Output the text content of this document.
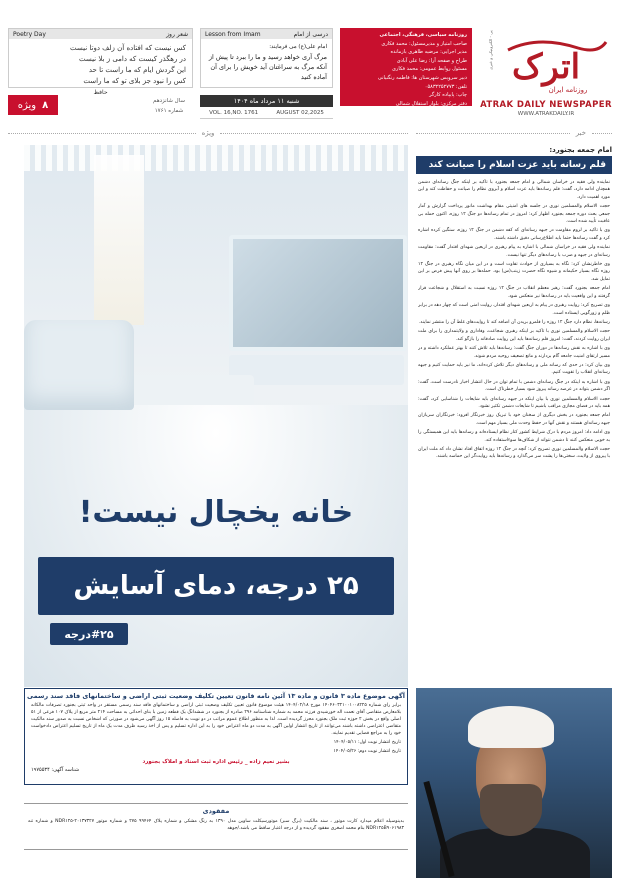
Poetry Day	شعر روز
کس نیست که افتاده آن زلف دوتا نیست
در رهگذر کیست که دامی ز بلا نیست
این گردش ایام که ما راست تا حد
کس را نبود جز بلای تو که ما راست
حافظ
Lesson from Imam	درسی از امام
امام علی(ع) می فرمایند:
مرگ آری خواهد رسید و ما را ببرد تا پیش از آنکه مرگ به سراغتان آید خویش را برای آن آماده کنید
روزنامه سیاسی، فرهنگی، اجتماعی
صاحب امتیاز و مدیرمسئول: محمد فکاری
مدیر اجرایی: مرضیه طاهری بازمانده
طراح و صفحه آرا: رضا علی آبادی
مسئول روابط عمومی: محمد فکاری
دبیر سرویس شهرستان ها: فاطمه رنگنیانی
تلفن: ۰۵۸۳۲۲۵۲۷۷۳
چاپ: پایپاده کارگر
دفتر مرکزی: بلوار استقلال شمالی
نبش چهارراه ارشاد، ساختمان نیکان طبقه چهارم
اترک
روزنامه ایران
چاپی - الکترونیکی و خبری
ATRAK DAILY NEWSPAPER
WWW.ATRAKDAILY.IR
ویژه ۸	سال شانزدهم
شماره ۱۷۶۱
شنبه ۱۱ مرداد ماه ۱۴۰۴
VOL. 16,NO. 1761	AUGUST 02,2025
ویژه	خبر
خانه یخچال نیست!
۲۵ درجه، دمای آسایش
#۲۵درجه
امام جمعه بجنورد:
قلم رسانه باید عزت اسلام را صیانت کند

نماینده ولی فقیه در خراسان شمالی و امام جمعه بجنورد با تاکید بر اینکه جنگ رسانه‌ای دشمن همچنان ادامه دارد، گفت: قلم رسانه‌ها باید عزت اسلام و آبروی نظام را صیانت و حفاظت کند و این مورد اهمیت دارد.

حجت الاسلام والمسلمین نوری در جلسه های امنیتی مقام بهداشت مانور پرداخت گزارش و آمار جمعی بحث دوره جمعه بجنورد اظهار کرد: امروز در تمام رسانه‌ها دو جنگ ۱۲ روزه، اکنون حمله بی عاقبت تأیید شده است.

وی با تاکید بر لزوم مقاومت در جبهه رسانه‌ای که کفه دشمن در جنگ ۱۲ روزه، سنگین کرده اشاره کرد و گفت رسانه‌ها حتما باید اطلاع‌رسانی دقیق داشته باشند.

نماینده ولی فقیه در خراسان شمالی با اشاره به پیام رهبری در اربعین شهدای اقتدار گفت: مقاومت رسانه‌ای در جبهه و ضرب با رسانه‌های دیگر تنها نیست.

وی خاطرنشان کرد: نگاه به بسیاری از حوادث تفاوت است و در این میان نگاه رهبری در جنگ ۱۲ روزه نگاه بسیار حکیمانه و شیوه نگاه حضرت زینب(س) بود. حمله‌ها بر روی آنها پیش فرض بر این تمایل شد.

امام جمعه بجنورد گفت: رهبر معظم انقلاب در جنگ ۱۲ روزه نسبت به استقلال و شجاعت قرار گرفتند و این واقعیت باید در رسانه‌ها نیز منعکس شود.

وی تصریح کرد: روایت رهبری در پیام به اربعین شهدای اقتدار، روایت امنی است که چهار دهه در برابر ظلم و زورگویی ایستاده است.

رسانه‌ها، نظام دارد جنگ ۱۲ روزه را قلمرو بریدن آن اضافه کند تا روایت‌های غلط آن را منتشر نمایند.

حجت الاسلام والمسلمین نوری با تاکید بر اینکه رهبری شجاعت، وفاداری و ولایتمداری را برای ملت ایران روایت کردند، گفت: امروز قلم رسانه‌ها باید این روایت صادقانه را بازگو کند.

وی با اشاره به نقش رسانه‌ها در دوران جنگ گفت: رسانه‌ها باید تلاش کنند تا بهتر عملکرد داشته و در مسیر ارتقای امنیت جامعه گام بردارند و مانع تضعیف روحیه مردم شوند.

وی بیان کرد: در حدی که رسانه ملی و رسانه‌های دیگر تلاش کرده‌اند، ما نیز باید حمایت کنیم و جبهه رسانه‌ای انقلاب را تقویت کنیم.

وی با اشاره به اینکه در جنگ رسانه‌ای دشمن با تمام توان در حال انتشار اخبار نادرست است، گفت: اگر دشمن بتواند در عرصه رسانه پیروز شود بسیار خطرناک است.

حجت الاسلام والمسلمین نوری با بیان اینکه در جبهه رسانه‌ای باید شایعات را شناسایی کرد، گفت: همه باید در فضای مجازی مراقب باشیم تا شایعات دشمن تکثیر نشود.

امام جمعه بجنورد در بخش دیگری از سخنان خود با تبریک روز خبرنگار افزود: خبرنگاران سربازان جبهه رسانه‌ای هستند و نقش آنها در حفظ وحدت ملی بسیار مهم است.

وی ادامه داد: امروز مردم با درک شرایط کشور کنار نظام ایستاده‌اند و رسانه‌ها باید این همبستگی را به خوبی منعکس کنند تا دشمن نتواند از شکاف‌ها سوءاستفاده کند.

حجت الاسلام والمسلمین نوری تصریح کرد: آنچه در جنگ ۱۲ روزه اتفاق افتاد نشان داد که ملت ایران با پیروی از ولایت، سختی‌ها را پشت سر می‌گذارد و رسانه‌ها باید روایت‌گر این حماسه باشند.

آگهی موضوع ماده ۳ قانون و ماده ۱۳ آئین نامه قانون تعیین تکلیف وضعیت ثبتی اراضی و ساختمانهای فاقد سند رسمی
برابر رای شماره ۱۴۰۴۶۰۳۲۱۰۰۱۰۰۸۲۲۵ مورخ ۱۴۰۴/۰۲/۱۸ هیئت موضوع قانون تعیین تکلیف وضعیت ثبتی اراضی و ساختمانهای فاقد سند رسمی مستقر در واحد ثبتی بجنورد تصرفات مالکانه بلامعارض متقاضی آقای نعمت اله خورشیدی فرزند محمد به شماره شناسنامه ۲۹۶ صادره از بجنورد در ششدانگ یک قطعه زمین با بنای احداثی به مساحت ۲۱۴ متر مربع از پلاک ۱۰۷ فرعی از ۵۱ اصلی واقع در بخش ۲ حوزه ثبت ملک بجنورد محرز گردیده است. لذا به منظور اطلاع عموم مراتب در دو نوبت به فاصله ۱۵ روز آگهی می‌شود در صورتی که اشخاص نسبت به صدور سند مالکیت متقاضی اعتراضی داشته باشند می‌توانند از تاریخ انتشار اولین آگهی به مدت دو ماه اعتراض خود را به این اداره تسلیم و پس از اخذ رسید ظرف مدت یک ماه از تاریخ تسلیم اعتراض دادخواست خود را به مراجع قضایی تقدیم نمایند.
تاریخ انتشار نوبت اول: ۱۴۰۴/۰۵/۱۱
تاریخ انتشار نوبت دوم: ۱۴۰۴/۰۵/۲۶
بشیر نعیم زاده _ رئیس اداره ثبت اسناد و املاک بجنورد
شناسه آگهی: ۱۹۷۵۵۳۴
مفقودی
بدینوسیله اعلام میدارد کارت موتور ، سند مالکیت (برگ سبز) موتورسیکلت ساوین مدل ۱۳۹۰ به رنگ مشکی و شماره پلاک ۹۹۴۶۴ ۲۷۵ و شماره موتور NDR۱۲۵-۲۰۱۳۷۳۲۷ و شماره تنه NDR۱۲۵B۹۰۶۱۹۸۳ بنام محمد اصغری مفقود گردیده و از درجه اعتبار ساقط می باشد./جوهه
